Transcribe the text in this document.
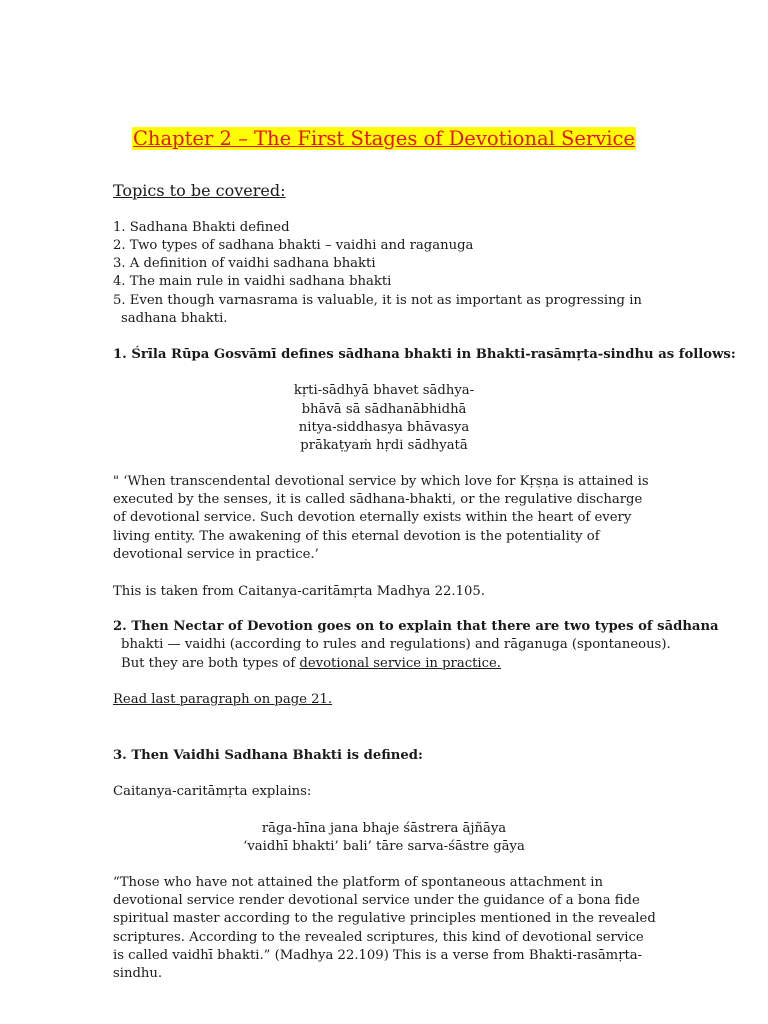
Chapter 2 – The First Stages of Devotional Service
Topics to be covered:
1. Sadhana Bhakti defined
2. Two types of sadhana bhakti – vaidhi and raganuga
3. A definition of vaidhi sadhana bhakti
4. The main rule in vaidhi sadhana bhakti
5. Even though varnasrama is valuable, it is not as important as progressing in
sadhana bhakti.
1. Śrīla Rūpa Gosvāmī defines sādhana bhakti in Bhakti-rasāmṛta-sindhu as follows:
kṛti-sādhyā bhavet sādhya-
bhāvā sā sādhanābhidhā
nitya-siddhasya bhāvasya
prākaṭyaṁ hṛdi sādhyatā
" ‘When transcendental devotional service by which love for Kṛṣṇa is attained is executed by the senses, it is called sādhana-bhakti, or the regulative discharge of devotional service. Such devotion eternally exists within the heart of every living entity. The awakening of this eternal devotion is the potentiality of devotional service in practice.’
This is taken from Caitanya-caritāmṛta Madhya 22.105.
2. Then Nectar of Devotion goes on to explain that there are two types of sādhana
bhakti — vaidhi (according to rules and regulations) and rāganuga (spontaneous).
But they are both types of devotional service in practice.
Read last paragraph on page 21.
3. Then Vaidhi Sadhana Bhakti is defined:
Caitanya-caritāmṛta explains:
rāga-hīna jana bhaje śāstrera ājñāya
‘vaidhī bhakti’ bali’ tāre sarva-śāstre gāya
“Those who have not attained the platform of spontaneous attachment in devotional service render devotional service under the guidance of a bona fide spiritual master according to the regulative principles mentioned in the revealed scriptures. According to the revealed scriptures, this kind of devotional service is called vaidhī bhakti.” (Madhya 22.109) This is a verse from Bhakti-rasāmṛta-sindhu.
